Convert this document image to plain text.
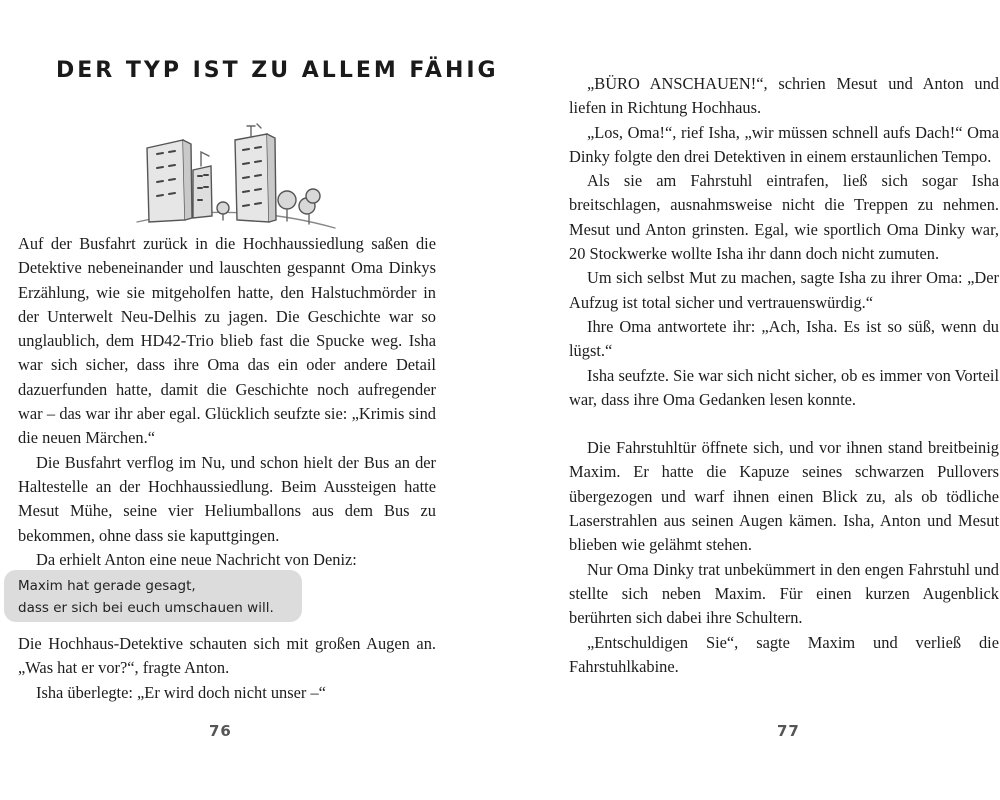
DER TYP IST ZU ALLEM FÄHIG

Auf der Busfahrt zurück in die Hochhaussiedlung saßen die Detektive nebeneinander und lauschten gespannt Oma Dinkys Erzählung, wie sie mitgeholfen hatte, den Halstuchmörder in der Unterwelt Neu-Delhis zu jagen. Die Geschichte war so unglaublich, dem HD42-Trio blieb fast die Spucke weg. Isha war sich sicher, dass ihre Oma das ein oder andere Detail dazuerfunden hatte, damit die Geschichte noch aufregender war – das war ihr aber egal. Glücklich seufzte sie: „Krimis sind die neuen Märchen.“

Die Busfahrt verflog im Nu, und schon hielt der Bus an der Haltestelle an der Hochhaussiedlung. Beim Aussteigen hatte Mesut Mühe, seine vier Heliumballons aus dem Bus zu bekommen, ohne dass sie kaputtgingen.

Da erhielt Anton eine neue Nachricht von Deniz:

Maxim hat gerade gesagt,
dass er sich bei euch umschauen will.

Die Hochhaus-Detektive schauten sich mit großen Augen an. „Was hat er vor?“, fragte Anton.

Isha überlegte: „Er wird doch nicht unser –“

76	77

„BÜRO ANSCHAUEN!“, schrien Mesut und Anton und liefen in Richtung Hochhaus.

„Los, Oma!“, rief Isha, „wir müssen schnell aufs Dach!“ Oma Dinky folgte den drei Detektiven in einem erstaunlichen Tempo.

Als sie am Fahrstuhl eintrafen, ließ sich sogar Isha breitschlagen, ausnahmsweise nicht die Treppen zu nehmen. Mesut und Anton grinsten. Egal, wie sportlich Oma Dinky war, 20 Stockwerke wollte Isha ihr dann doch nicht zumuten.

Um sich selbst Mut zu machen, sagte Isha zu ihrer Oma: „Der Aufzug ist total sicher und vertrauenswürdig.“

Ihre Oma antwortete ihr: „Ach, Isha. Es ist so süß, wenn du lügst.“

Isha seufzte. Sie war sich nicht sicher, ob es immer von Vorteil war, dass ihre Oma Gedanken lesen konnte.

Die Fahrstuhltür öffnete sich, und vor ihnen stand breitbeinig Maxim. Er hatte die Kapuze seines schwarzen Pullovers übergezogen und warf ihnen einen Blick zu, als ob tödliche Laserstrahlen aus seinen Augen kämen. Isha, Anton und Mesut blieben wie gelähmt stehen.

Nur Oma Dinky trat unbekümmert in den engen Fahrstuhl und stellte sich neben Maxim. Für einen kurzen Augenblick berührten sich dabei ihre Schultern.

„Entschuldigen Sie“, sagte Maxim und verließ die Fahrstuhlkabine.
